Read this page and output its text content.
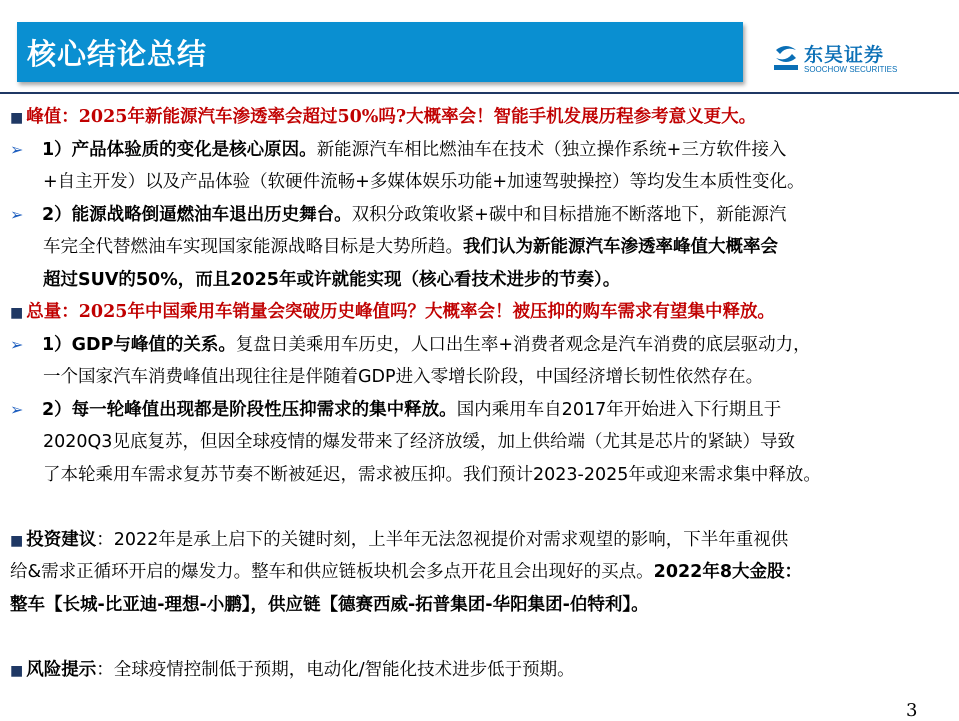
核心结论总结	东吴证券
SOOCHOW SECURITIES
■ 峰值：2025年新能源汽车渗透率会超过50%吗?大概率会！智能手机发展历程参考意义更大。
➢ 1）产品体验质的变化是核心原因。新能源汽车相比燃油车在技术（独立操作系统+三方软件接入
+自主开发）以及产品体验（软硬件流畅+多媒体娱乐功能+加速驾驶操控）等均发生本质性变化。
➢ 2）能源战略倒逼燃油车退出历史舞台。双积分政策收紧+碳中和目标措施不断落地下，新能源汽
车完全代替燃油车实现国家能源战略目标是大势所趋。我们认为新能源汽车渗透率峰值大概率会
超过SUV的50%，而且2025年或许就能实现（核心看技术进步的节奏）。
■ 总量：2025年中国乘用车销量会突破历史峰值吗？大概率会！被压抑的购车需求有望集中释放。
➢ 1）GDP与峰值的关系。复盘日美乘用车历史，人口出生率+消费者观念是汽车消费的底层驱动力，
一个国家汽车消费峰值出现往往是伴随着GDP进入零增长阶段，中国经济增长韧性依然存在。
➢ 2）每一轮峰值出现都是阶段性压抑需求的集中释放。国内乘用车自2017年开始进入下行期且于
2020Q3见底复苏，但因全球疫情的爆发带来了经济放缓，加上供给端（尤其是芯片的紧缺）导致
了本轮乘用车需求复苏节奏不断被延迟，需求被压抑。我们预计2023-2025年或迎来需求集中释放。
■ 投资建议：2022年是承上启下的关键时刻，上半年无法忽视提价对需求观望的影响，下半年重视供
给&需求正循环开启的爆发力。整车和供应链板块机会多点开花且会出现好的买点。2022年8大金股：
整车【长城-比亚迪-理想-小鹏】，供应链【德赛西威-拓普集团-华阳集团-伯特利】。
■ 风险提示：全球疫情控制低于预期，电动化/智能化技术进步低于预期。
3
